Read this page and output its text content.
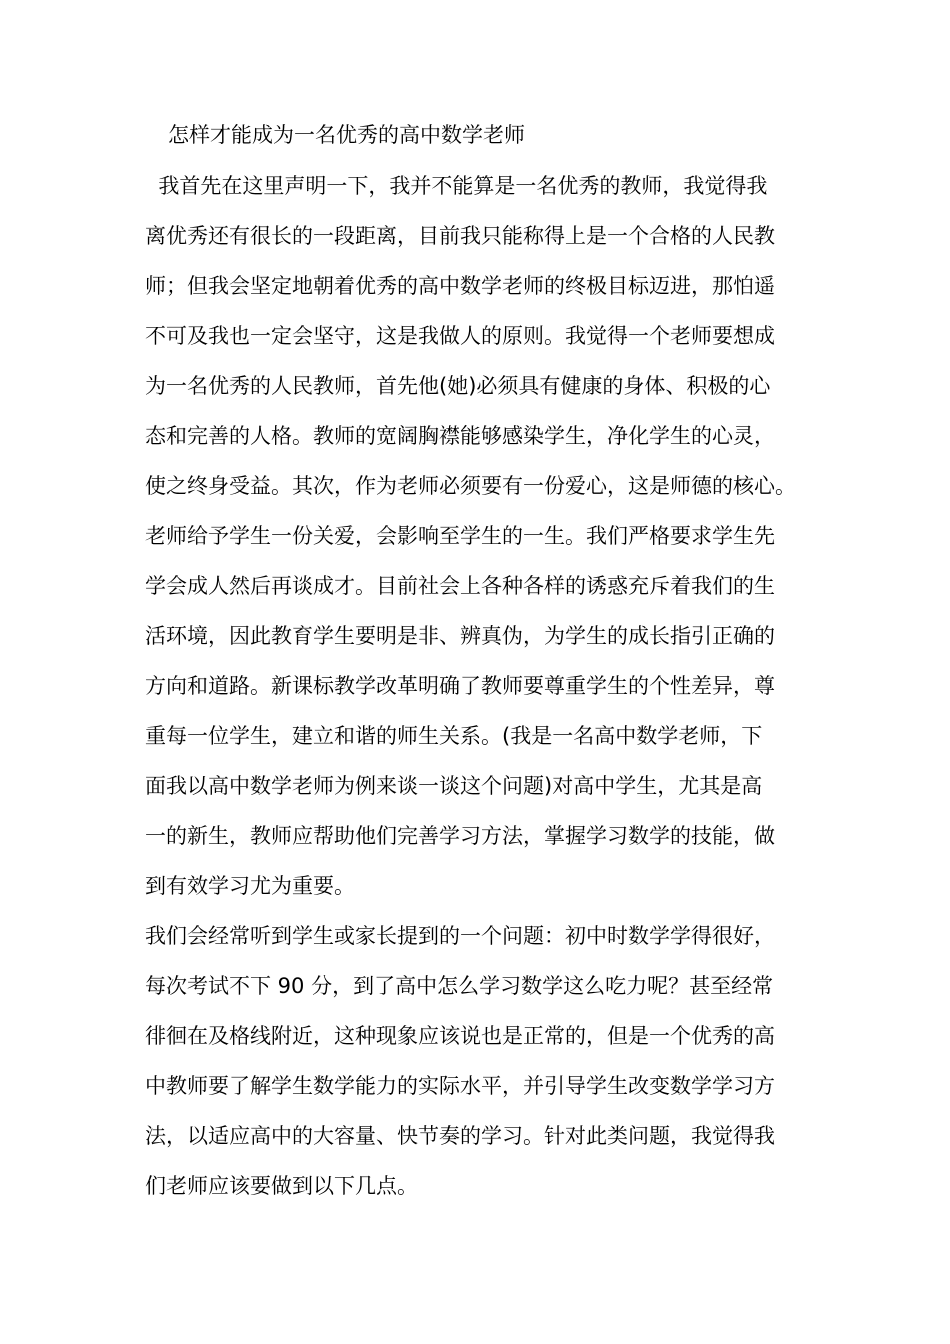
怎样才能成为一名优秀的高中数学老师
我首先在这里声明一下，我并不能算是一名优秀的教师，我觉得我
离优秀还有很长的一段距离，目前我只能称得上是一个合格的人民教
师；但我会坚定地朝着优秀的高中数学老师的终极目标迈进，那怕遥
不可及我也一定会坚守，这是我做人的原则。我觉得一个老师要想成
为一名优秀的人民教师，首先他(她)必须具有健康的身体、积极的心
态和完善的人格。教师的宽阔胸襟能够感染学生，净化学生的心灵，
使之终身受益。其次，作为老师必须要有一份爱心，这是师德的核心。
老师给予学生一份关爱，会影响至学生的一生。我们严格要求学生先
学会成人然后再谈成才。目前社会上各种各样的诱惑充斥着我们的生
活环境，因此教育学生要明是非、辨真伪，为学生的成长指引正确的
方向和道路。新课标教学改革明确了教师要尊重学生的个性差异，尊
重每一位学生，建立和谐的师生关系。(我是一名高中数学老师，下
面我以高中数学老师为例来谈一谈这个问题)对高中学生，尤其是高
一的新生，教师应帮助他们完善学习方法，掌握学习数学的技能，做
到有效学习尤为重要。
我们会经常听到学生或家长提到的一个问题：初中时数学学得很好，
每次考试不下 90 分，到了高中怎么学习数学这么吃力呢？甚至经常
徘徊在及格线附近，这种现象应该说也是正常的，但是一个优秀的高
中教师要了解学生数学能力的实际水平，并引导学生改变数学学习方
法，以适应高中的大容量、快节奏的学习。针对此类问题，我觉得我
们老师应该要做到以下几点。
